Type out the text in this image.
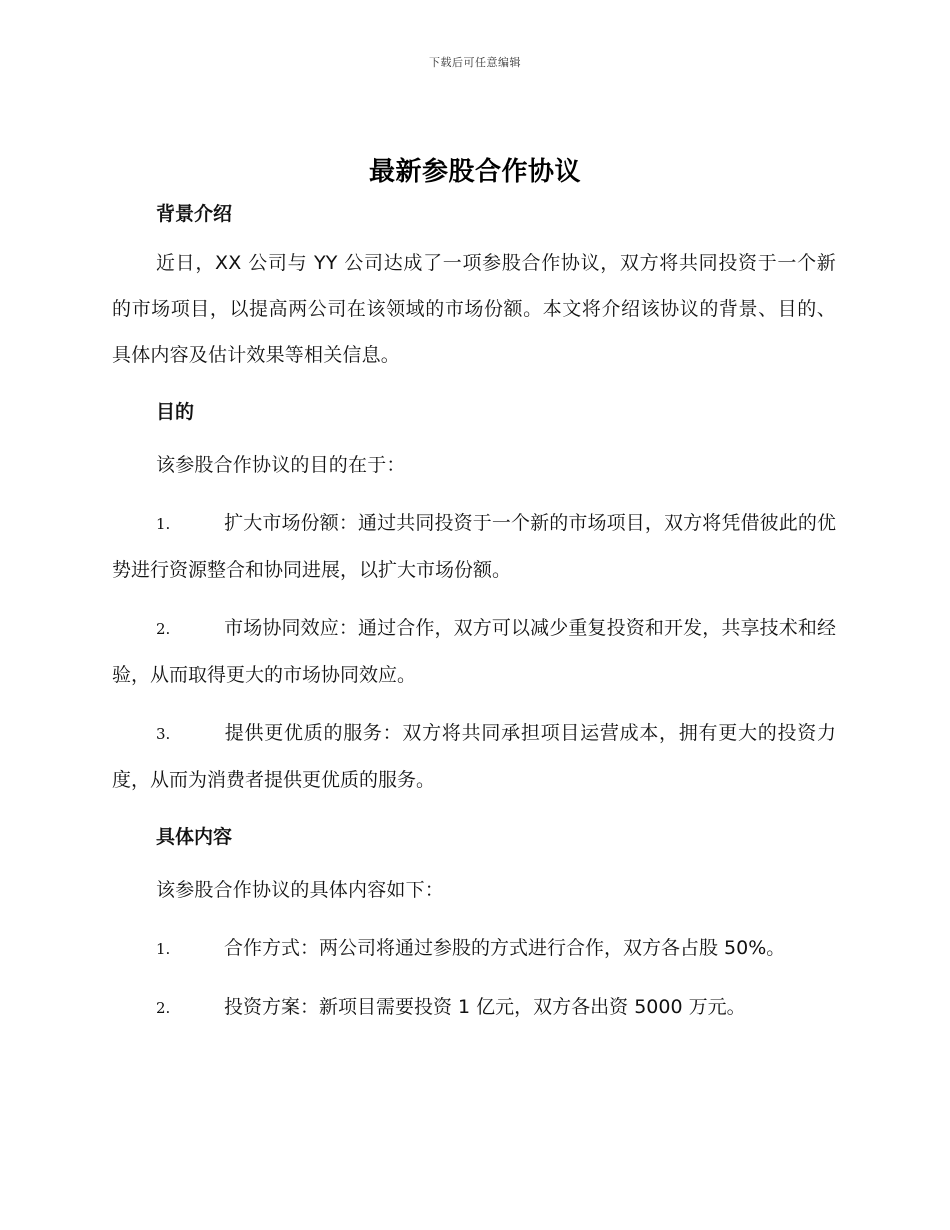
下载后可任意编辑
最新参股合作协议
背景介绍

近日，XX 公司与 YY 公司达成了一项参股合作协议，双方将共同投资于一个新的市场项目，以提高两公司在该领域的市场份额。本文将介绍该协议的背景、目的、具体内容及估计效果等相关信息。

目的

该参股合作协议的目的在于：

1.	扩大市场份额：通过共同投资于一个新的市场项目，双方将凭借彼此的优势进行资源整合和协同进展，以扩大市场份额。

2.	市场协同效应：通过合作，双方可以减少重复投资和开发，共享技术和经验，从而取得更大的市场协同效应。

3.	提供更优质的服务：双方将共同承担项目运营成本，拥有更大的投资力度，从而为消费者提供更优质的服务。

具体内容

该参股合作协议的具体内容如下：

1.	合作方式：两公司将通过参股的方式进行合作，双方各占股 50%。

2.	投资方案：新项目需要投资 1 亿元，双方各出资 5000 万元。
